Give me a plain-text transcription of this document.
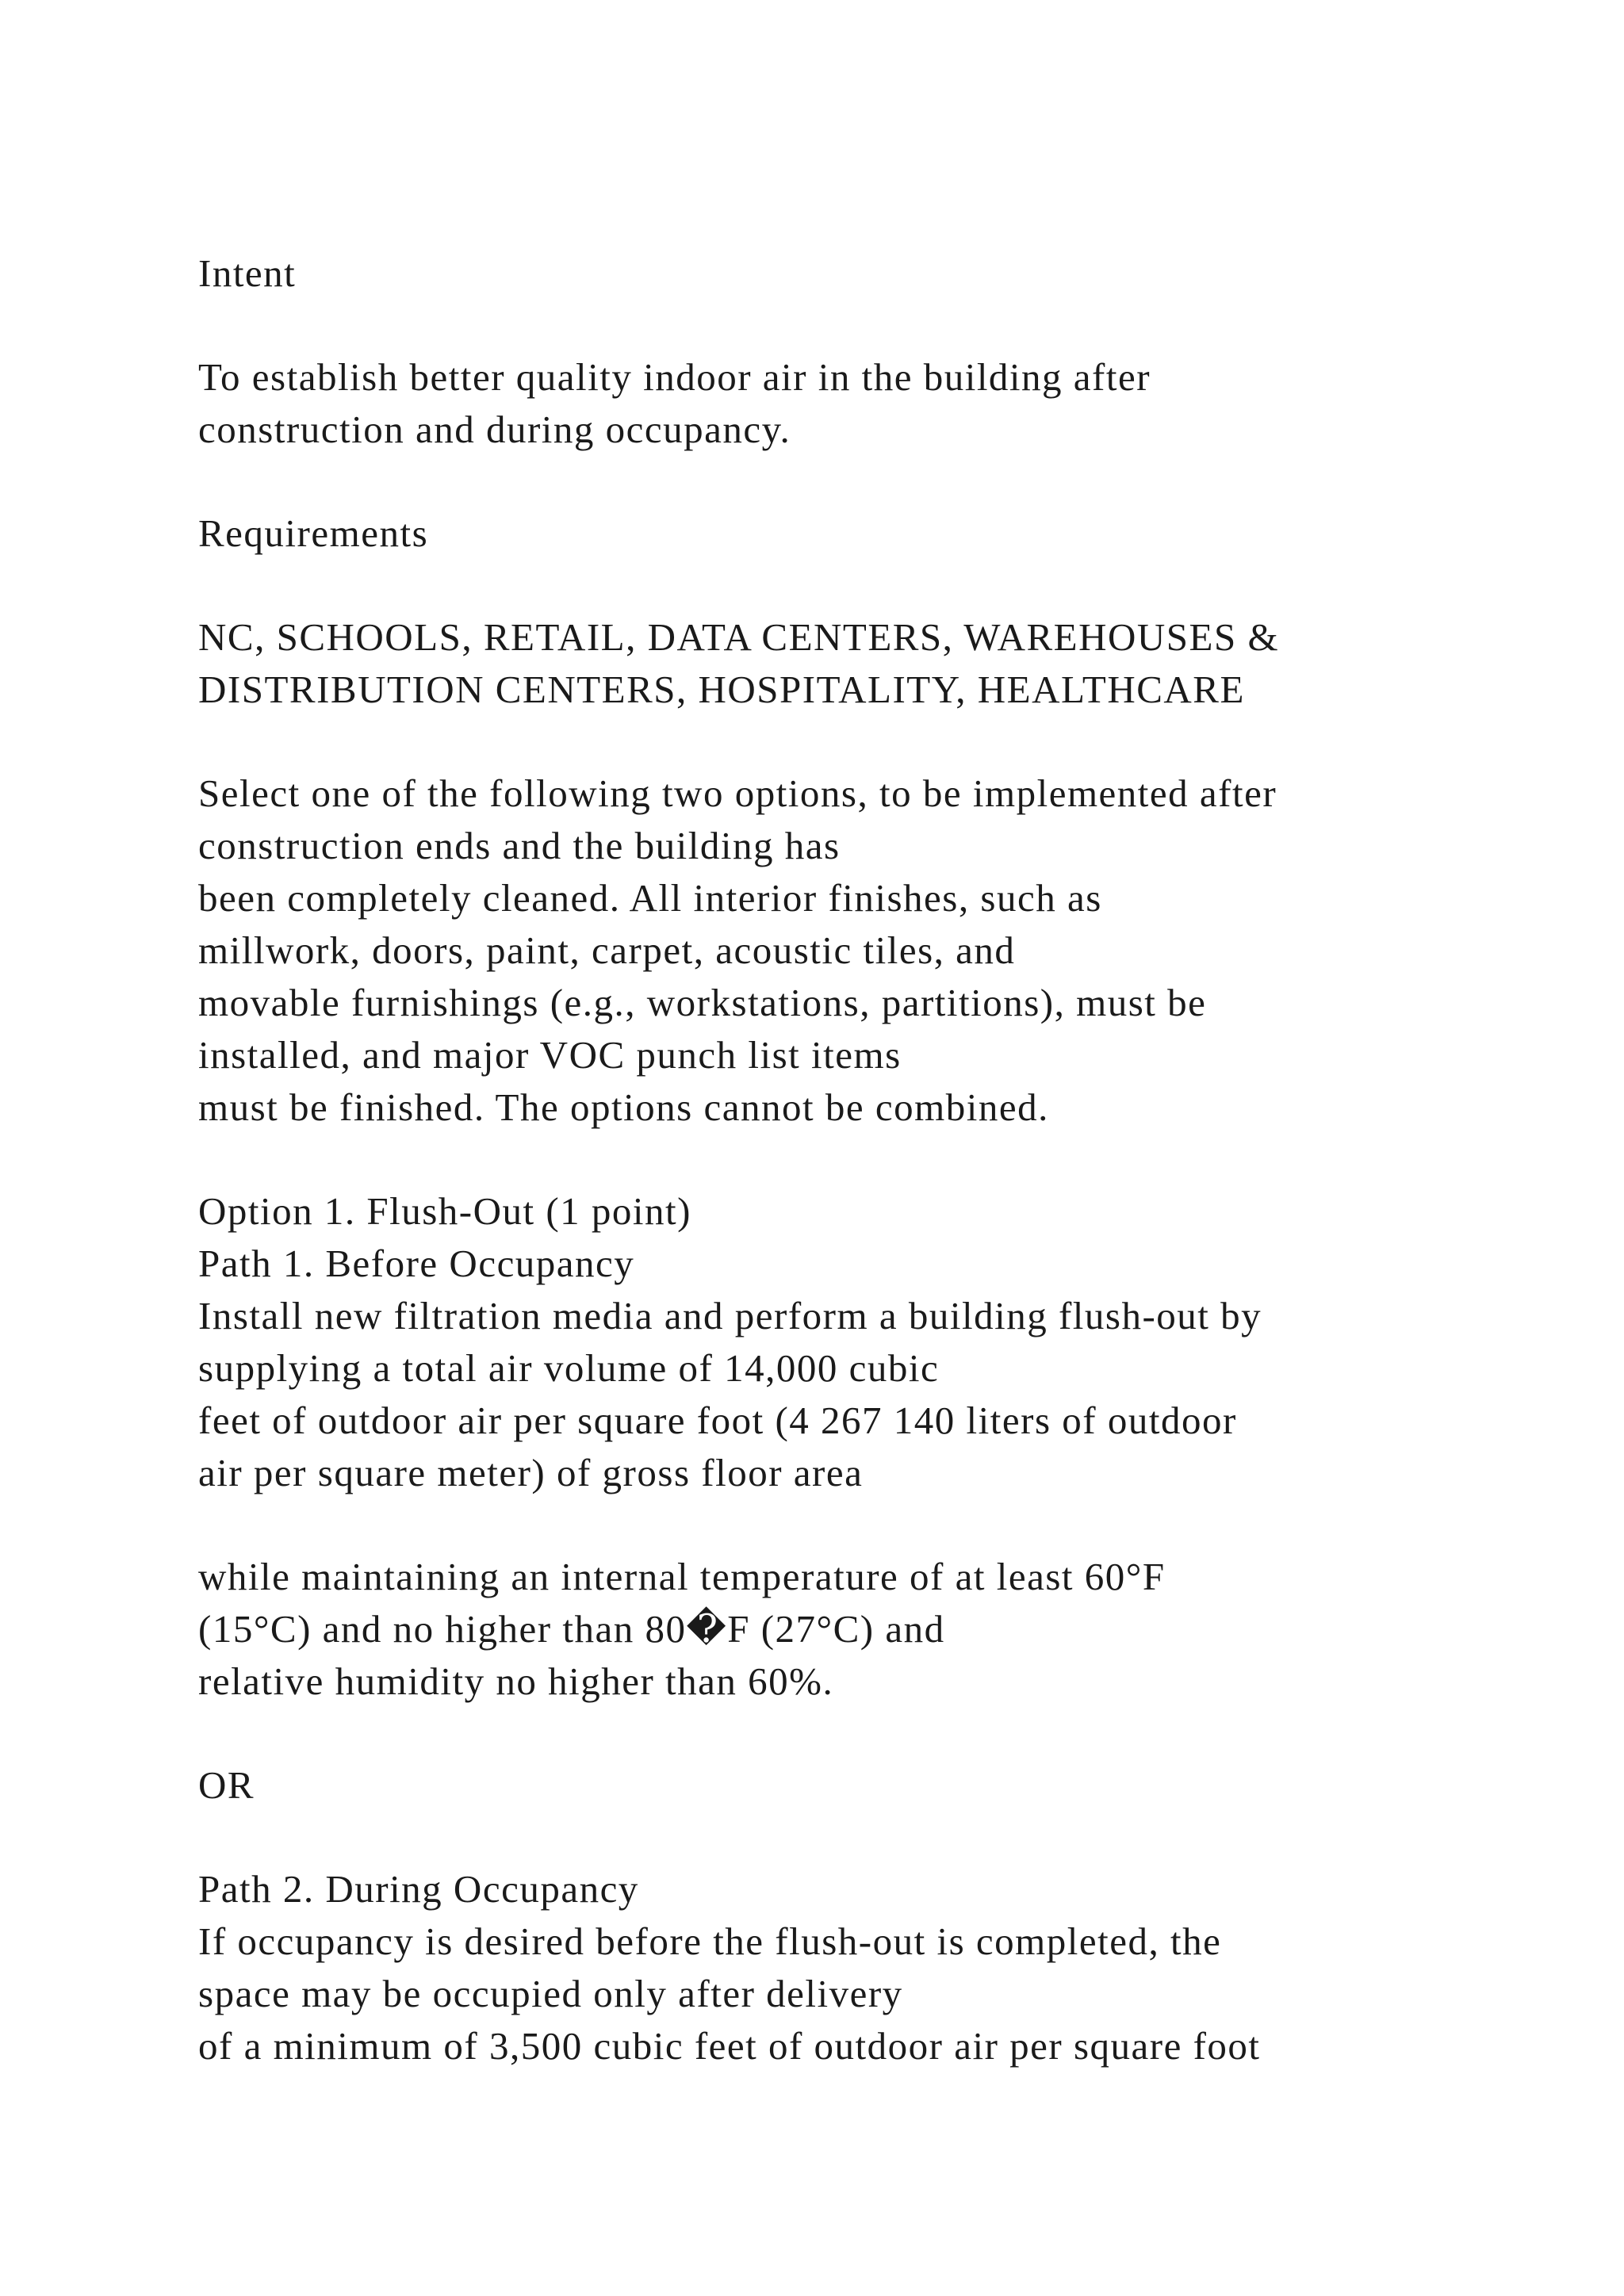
Intent

To establish better quality indoor air in the building after
construction and during occupancy.

Requirements

NC, SCHOOLS, RETAIL, DATA CENTERS, WAREHOUSES &
DISTRIBUTION CENTERS, HOSPITALITY, HEALTHCARE

Select one of the following two options, to be implemented after
construction ends and the building has
been completely cleaned. All interior finishes, such as
millwork, doors, paint, carpet, acoustic tiles, and
movable furnishings (e.g., workstations, partitions), must be
installed, and major VOC punch list items
must be finished. The options cannot be combined.

Option 1. Flush-Out (1 point)
Path 1. Before Occupancy
Install new filtration media and perform a building flush-out by
supplying a total air volume of 14,000 cubic
feet of outdoor air per square foot (4 267 140 liters of outdoor
air per square meter) of gross floor area

while maintaining an internal temperature of at least 60°F
(15°C) and no higher than 80�F (27°C) and
relative humidity no higher than 60%.

OR

Path 2. During Occupancy
If occupancy is desired before the flush-out is completed, the
space may be occupied only after delivery
of a minimum of 3,500 cubic feet of outdoor air per square foot
